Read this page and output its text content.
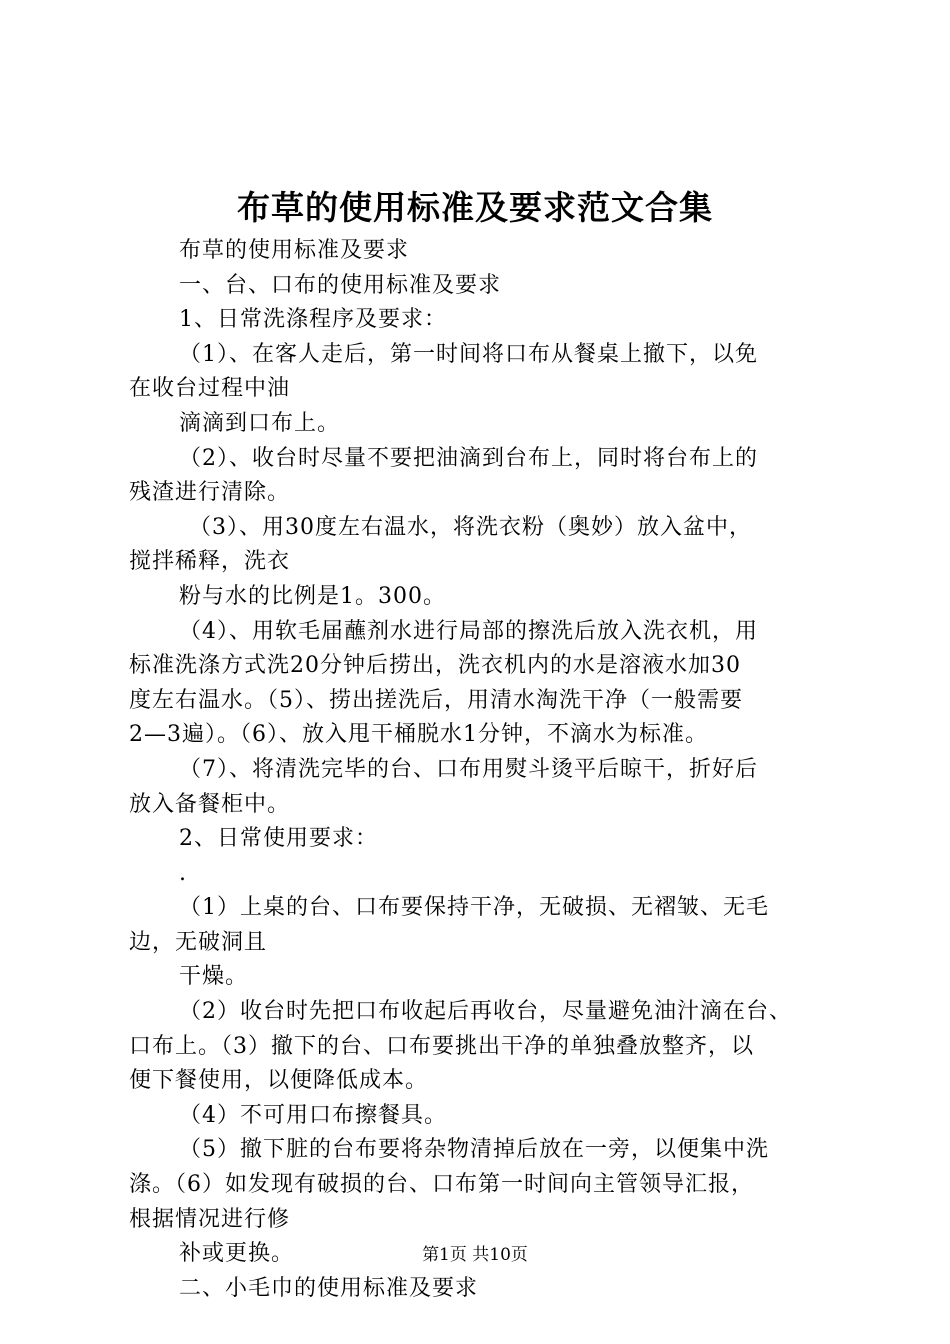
布草的使用标准及要求范文合集
布草的使用标准及要求
一、台、口布的使用标准及要求
1、日常洗涤程序及要求：
（1）、在客人走后，第一时间将口布从餐桌上撤下，以免
在收台过程中油
滴滴到口布上。
（2）、收台时尽量不要把油滴到台布上，同时将台布上的
残渣进行清除。
（3）、用30度左右温水，将洗衣粉（奥妙）放入盆中，
搅拌稀释，洗衣
粉与水的比例是1。300。
（4）、用软毛届蘸剂水进行局部的擦洗后放入洗衣机，用
标准洗涤方式洗20分钟后捞出，洗衣机内的水是溶液水加30
度左右温水。（5）、捞出搓洗后，用清水淘洗干净（一般需要
2—3遍）。（6）、放入甩干桶脱水1分钟，不滴水为标准。
（7）、将清洗完毕的台、口布用熨斗烫平后晾干，折好后
放入备餐柜中。
2、日常使用要求：
.
（1）上桌的台、口布要保持干净，无破损、无褶皱、无毛
边，无破洞且
干燥。
（2）收台时先把口布收起后再收台，尽量避免油汁滴在台、
口布上。（3）撤下的台、口布要挑出干净的单独叠放整齐，以
便下餐使用，以便降低成本。
（4）不可用口布擦餐具。
（5）撤下脏的台布要将杂物清掉后放在一旁，以便集中洗
涤。（6）如发现有破损的台、口布第一时间向主管领导汇报，
根据情况进行修
补或更换。
二、小毛巾的使用标准及要求
第1页 共10页
